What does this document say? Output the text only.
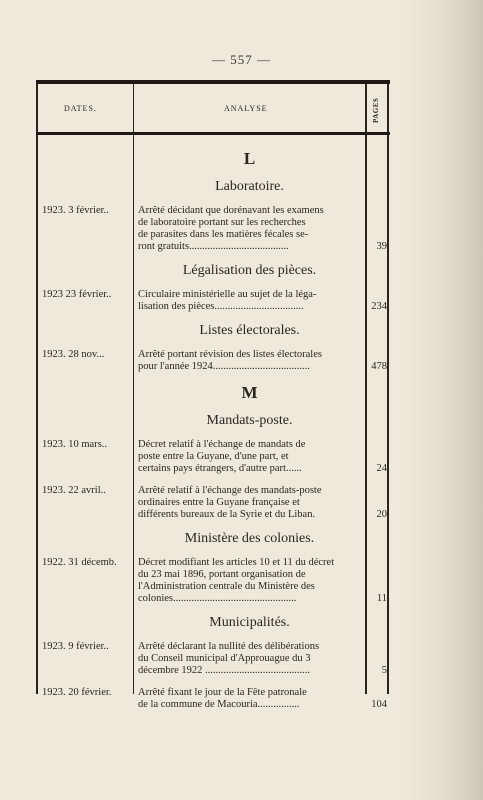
— 557 —
DATES.	ANALYSE	PAGES
L
Laboratoire.
1923. 3 février..	Arrêté décidant que dorénavant les examens
de laboratoire portant sur les recherches
de parasites dans les matières fécales se-
ront gratuits......................................	39
Légalisation des pièces.
1923 23 février..	Circulaire ministérielle au sujet de la léga-
lisation des pièces..................................	234
Listes électorales.
1923. 28 nov...	Arrêté portant révision des listes électorales
pour l'année 1924.....................................	478
M
Mandats-poste.
1923. 10 mars..	Décret relatif à l'échange de mandats de
poste entre la Guyane, d'une part, et
certains pays étrangers, d'autre part......	24
1923. 22 avril..	Arrêté relatif à l'échange des mandats-poste
ordinaires entre la Guyane française et
différents bureaux de la Syrie et du Liban.	20
Ministère des colonies.
1922. 31 décemb.	Décret modifiant les articles 10 et 11 du décret
du 23 mai 1896, portant organisation de
l'Administration centrale du Ministère des
colonies...............................................	11
Municipalités.
1923. 9 février..	Arrêté déclarant la nullité des délibérations
du Conseil municipal d'Approuague du 3
décembre 1922 ........................................	5
1923. 20 février.	Arrêté fixant le jour de la Fête patronale
de la commune de Macouria................	104
